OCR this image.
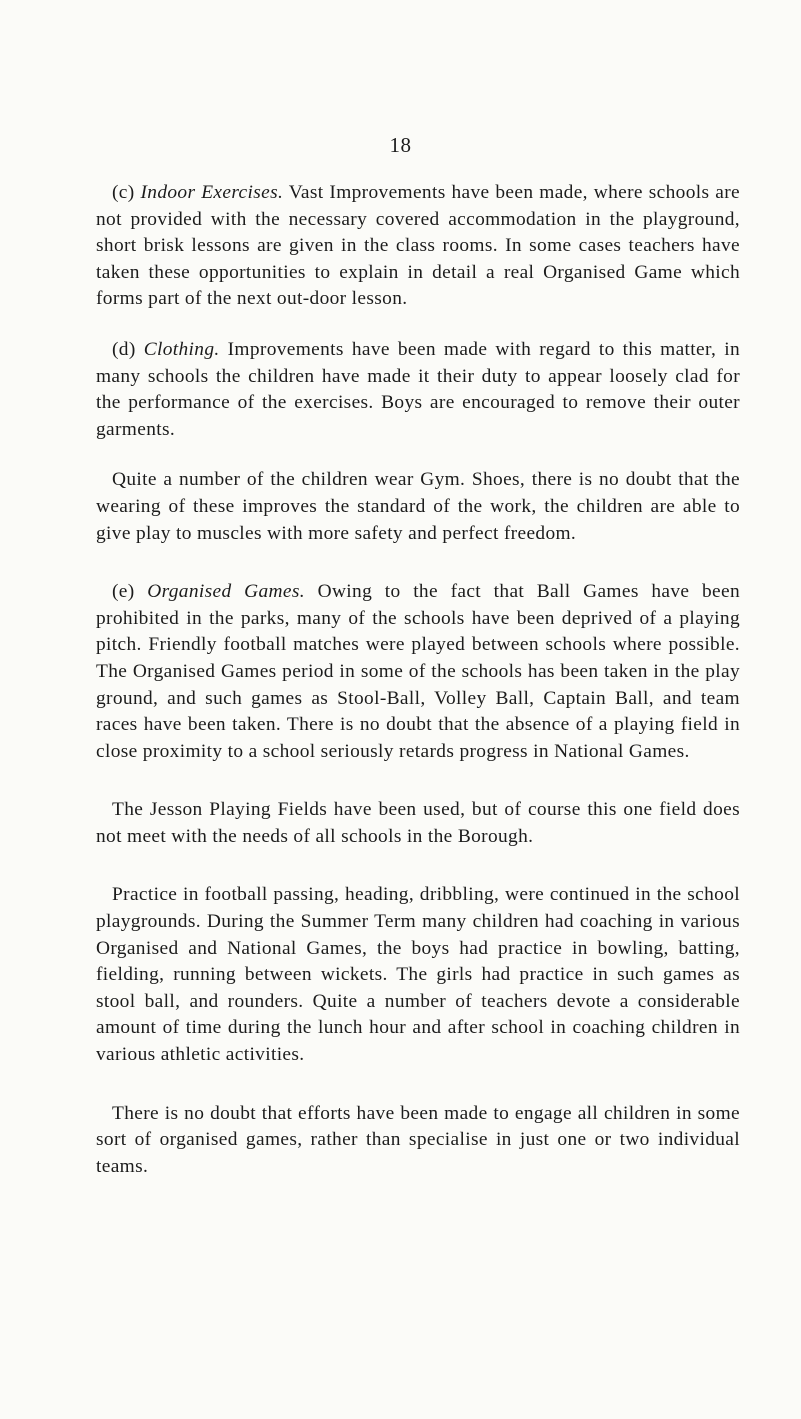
18

(c) Indoor Exercises. Vast Improvements have been made, where schools are not provided with the necessary covered accommodation in the playground, short brisk lessons are given in the class rooms. In some cases teachers have taken these opportunities to explain in detail a real Organised Game which forms part of the next out-door lesson.

(d) Clothing. Improvements have been made with regard to this matter, in many schools the children have made it their duty to appear loosely clad for the performance of the exercises. Boys are encouraged to remove their outer garments.

Quite a number of the children wear Gym. Shoes, there is no doubt that the wearing of these improves the standard of the work, the children are able to give play to muscles with more safety and perfect freedom.

(e) Organised Games. Owing to the fact that Ball Games have been prohibited in the parks, many of the schools have been deprived of a playing pitch. Friendly football matches were played between schools where possible. The Organised Games period in some of the schools has been taken in the play ground, and such games as Stool-Ball, Volley Ball, Captain Ball, and team races have been taken. There is no doubt that the absence of a playing field in close proximity to a school seriously retards progress in National Games.

The Jesson Playing Fields have been used, but of course this one field does not meet with the needs of all schools in the Borough.

Practice in football passing, heading, dribbling, were continued in the school playgrounds. During the Summer Term many children had coaching in various Organised and National Games, the boys had practice in bowling, batting, fielding, running between wickets. The girls had practice in such games as stool ball, and rounders. Quite a number of teachers devote a considerable amount of time during the lunch hour and after school in coaching children in various athletic activities.

There is no doubt that efforts have been made to engage all children in some sort of organised games, rather than specialise in just one or two individual teams.
